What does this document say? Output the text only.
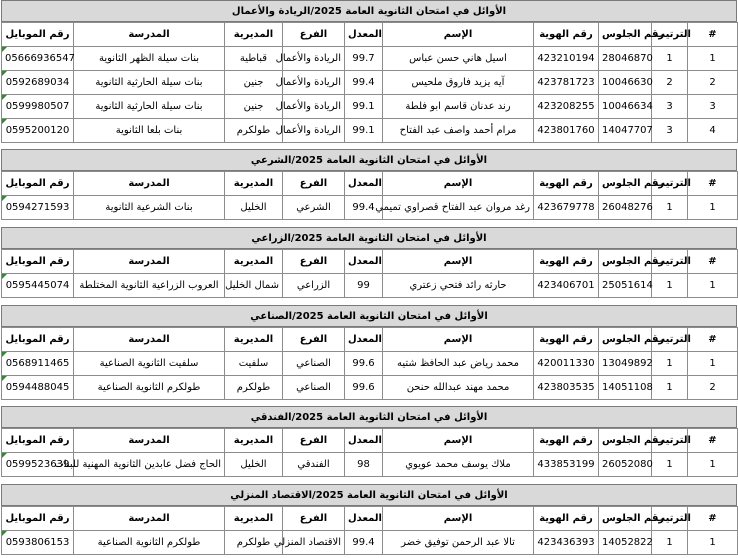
الأوائل في امتحان الثانوية العامة 2025/الريادة والأعمال
رقم الموبايل	المدرسة	المديرية	الفرع	المعدل	الإسم	رقم الهوية	رقم الجلوس	الترتيب	#
05666936547	بنات سيلة الظهر الثانوية	قباطية	الريادة والأعمال	99.7	اسيل هاني حسن عباس	423210194	28046870	1	1
0592689034	بنات سيلة الحارثية الثانوية	جنين	الريادة والأعمال	99.4	آيه يزيد فاروق ملحيس	423781723	10046630	2	2
0599980507	بنات سيلة الحارثية الثانوية	جنين	الريادة والأعمال	99.1	رند عدنان قاسم ابو فلطة	423208255	10046634	3	3
0595200120	بنات بلعا الثانوية	طولكرم	الريادة والأعمال	99.1	مرام أحمد واصف عبد الفتاح	423801760	14047707	3	4
الأوائل في امتحان الثانوية العامة 2025/الشرعي
رقم الموبايل	المدرسة	المديرية	الفرع	المعدل	الإسم	رقم الهوية	رقم الجلوس	الترتيب	#
0594271593	بنات الشرعية الثانوية	الخليل	الشرعي	99.4	رغد مروان عبد الفتاح قصراوي تميمي	423679778	26048276	1	1
الأوائل في امتحان الثانوية العامة 2025/الزراعي
رقم الموبايل	المدرسة	المديرية	الفرع	المعدل	الإسم	رقم الهوية	رقم الجلوس	الترتيب	#
0595445074	العروب الزراعية الثانوية المختلطة	شمال الخليل	الزراعي	99	حارثه رائد فتحي زعتري	423406701	25051614	1	1
الأوائل في امتحان الثانوية العامة 2025/الصناعي
رقم الموبايل	المدرسة	المديرية	الفرع	المعدل	الإسم	رقم الهوية	رقم الجلوس	الترتيب	#
0568911465	سلفيت الثانوية الصناعية	سلفيت	الصناعي	99.6	محمد رياض عبد الحافظ شتيه	420011330	13049892	1	1
0594488045	طولكرم الثانوية الصناعية	طولكرم	الصناعي	99.6	محمد مهند عبدالله حنحن	423803535	14051108	1	2
الأوائل في امتحان الثانوية العامة 2025/الفندقي
رقم الموبايل	المدرسة	المديرية	الفرع	المعدل	الإسم	رقم الهوية	رقم الجلوس	الترتيب	#
0599523639	الحاج فضل عابدين الثانوية المهنية للبنات	الخليل	الفندقي	98	ملاك يوسف محمد عويوي	433853199	26052080	1	1
الأوائل في امتحان الثانوية العامة 2025/الاقتصاد المنزلي
رقم الموبايل	المدرسة	المديرية	الفرع	المعدل	الإسم	رقم الهوية	رقم الجلوس	الترتيب	#
0593806153	طولكرم الثانوية الصناعية	طولكرم	الاقتصاد المنزلي	99.4	تالا عبد الرحمن توفيق خضر	423436393	14052822	1	1
